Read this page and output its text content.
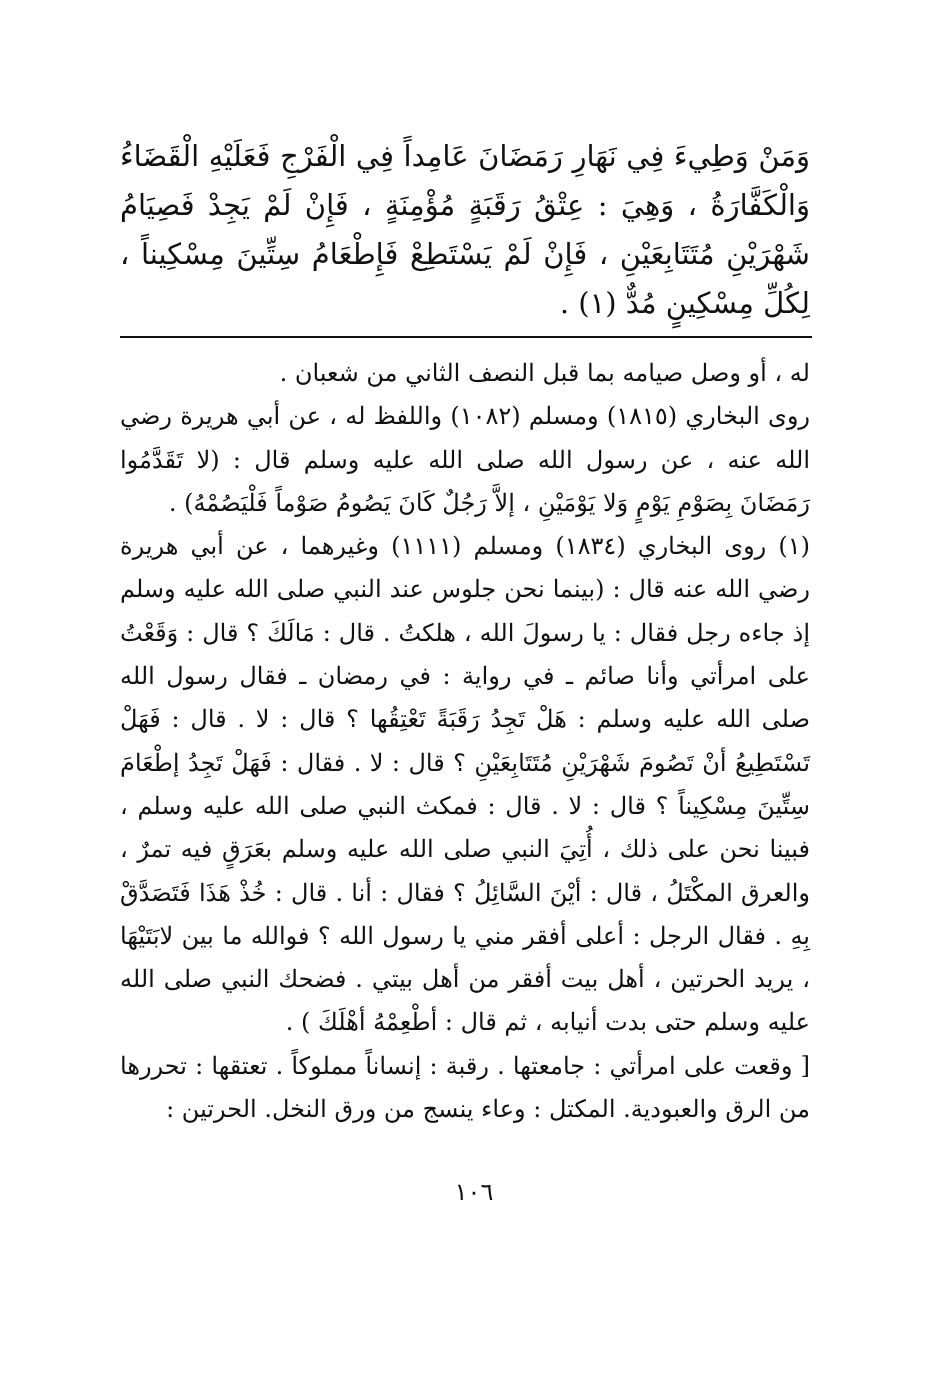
وَمَنْ وَطِيءَ فِي نَهَارِ رَمَضَانَ عَامِداً فِي الْفَرْجِ فَعَلَيْهِ الْقَضَاءُ وَالْكَفَّارَةُ ، وَهِيَ : عِتْقُ رَقَبَةٍ مُؤْمِنَةٍ ، فَإِنْ لَمْ يَجِدْ فَصِيَامُ شَهْرَيْنِ مُتَتَابِعَيْنِ ، فَإِنْ لَمْ يَسْتَطِعْ فَإِطْعَامُ سِتِّينَ مِسْكِيناً ، لِكُلِّ مِسْكِينٍ مُدٌّ (١) .

له ، أو وصل صيامه بما قبل النصف الثاني من شعبان .

روى البخاري (١٨١٥) ومسلم (١٠٨٢) واللفظ له ، عن أبي هريرة رضي الله عنه ، عن رسول الله صلى الله عليه وسلم قال : (لا تَقَدَّمُوا رَمَضَانَ بِصَوْمِ يَوْمٍ وَلا يَوْمَيْنِ ، إلاَّ رَجُلٌ كَانَ يَصُومُ صَوْماً فَلْيَصُمْهُ) .

(١) روى البخاري (١٨٣٤) ومسلم (١١١١) وغيرهما ، عن أبي هريرة رضي الله عنه قال : (بينما نحن جلوس عند النبي صلى الله عليه وسلم إذ جاءه رجل فقال : يا رسولَ الله ، هلكتُ . قال : مَالَكَ ؟ قال : وَقَعْتُ على امرأتي وأنا صائم ـ في رواية : في رمضان ـ فقال رسول الله صلى الله عليه وسلم : هَلْ تَجِدُ رَقَبَةً تَعْتِقُها ؟ قال : لا . قال : فَهَلْ تَسْتَطِيعُ أنْ تَصُومَ شَهْرَيْنِ مُتَتَابِعَيْنِ ؟ قال : لا . فقال : فَهَلْ تَجِدُ إطْعَامَ سِتِّينَ مِسْكِيناً ؟ قال : لا . قال : فمكث النبي صلى الله عليه وسلم ، فبينا نحن على ذلك ، أُتِيَ النبي صلى الله عليه وسلم بعَرَقٍ فيه تمرٌ ، والعرق المكْتَلُ ، قال : أيْنَ السَّائِلُ ؟ فقال : أنا . قال : خُذْ هَذَا فَتَصَدَّقْ بِهِ . فقال الرجل : أعلى أفقر مني يا رسول الله ؟ فوالله ما بين لابَتَيْهَا ، يريد الحرتين ، أهل بيت أفقر من أهل بيتي . فضحك النبي صلى الله عليه وسلم حتى بدت أنيابه ، ثم قال : أطْعِمْهُ أهْلَكَ ) .

[ وقعت على امرأتي : جامعتها . رقبة : إنساناً مملوكاً . تعتقها : تحررها من الرق والعبودية. المكتل : وعاء ينسج من ورق النخل. الحرتين :

١٠٦
